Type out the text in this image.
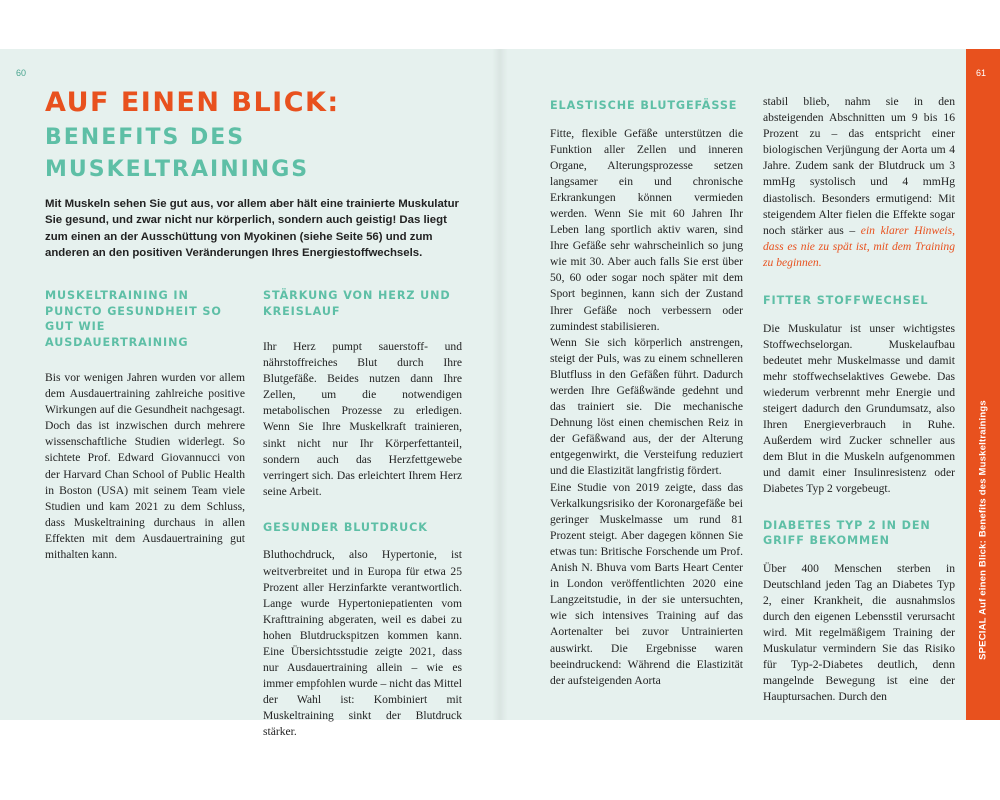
60	61
SPECIAL Auf einen Blick: Benefits des Muskeltrainings
AUF EINEN BLICK:
BENEFITS DES MUSKELTRAININGS

Mit Muskeln sehen Sie gut aus, vor allem aber hält eine trainierte Muskulatur Sie gesund, und zwar nicht nur körperlich, sondern auch geistig! Das liegt zum einen an der Ausschüttung von Myokinen (siehe Seite 56) und zum anderen an den positiven Veränderungen Ihres Energiestoffwechsels.

MUSKELTRAINING IN PUNCTO GESUNDHEIT SO GUT WIE AUSDAUERTRAINING

Bis vor wenigen Jahren wurden vor allem dem Ausdauertraining zahlreiche positive Wirkungen auf die Gesundheit nachgesagt. Doch das ist inzwischen durch mehrere wissenschaftliche Studien widerlegt. So sichtete Prof. Edward Giovannucci von der Harvard Chan School of Public Health in Boston (USA) mit seinem Team viele Studien und kam 2021 zu dem Schluss, dass Muskeltraining durchaus in allen Effekten mit dem Ausdauertraining gut mithalten kann.

STÄRKUNG VON HERZ UND KREISLAUF

Ihr Herz pumpt sauerstoff- und nährstoffreiches Blut durch Ihre Blutgefäße. Beides nutzen dann Ihre Zellen, um die notwendigen metabolischen Prozesse zu erledigen. Wenn Sie Ihre Muskelkraft trainieren, sinkt nicht nur Ihr Körperfettanteil, sondern auch das Herzfettgewebe verringert sich. Das erleichtert Ihrem Herz seine Arbeit.

GESUNDER BLUTDRUCK

Bluthochdruck, also Hypertonie, ist weitverbreitet und in Europa für etwa 25 Prozent aller Herzinfarkte verantwortlich. Lange wurde Hypertoniepatienten vom Krafttraining abgeraten, weil es dabei zu hohen Blutdruckspitzen kommen kann. Eine Übersichtsstudie zeigte 2021, dass nur Ausdauertraining allein – wie es immer empfohlen wurde – nicht das Mittel der Wahl ist: Kombiniert mit Muskeltraining sinkt der Blutdruck stärker.

ELASTISCHE BLUTGEFÄSSE

Fitte, flexible Gefäße unterstützen die Funktion aller Zellen und inneren Organe, Alterungsprozesse setzen langsamer ein und chronische Erkrankungen können vermieden werden. Wenn Sie mit 60 Jahren Ihr Leben lang sportlich aktiv waren, sind Ihre Gefäße sehr wahrscheinlich so jung wie mit 30. Aber auch falls Sie erst über 50, 60 oder sogar noch später mit dem Sport beginnen, kann sich der Zustand Ihrer Gefäße noch verbessern oder zumindest stabilisieren.

Wenn Sie sich körperlich anstrengen, steigt der Puls, was zu einem schnelleren Blutfluss in den Gefäßen führt. Dadurch werden Ihre Gefäßwände gedehnt und das trainiert sie. Die mechanische Dehnung löst einen chemischen Reiz in der Gefäßwand aus, der der Alterung entgegenwirkt, die Versteifung reduziert und die Elastizität langfristig fördert.

Eine Studie von 2019 zeigte, dass das Verkalkungsrisiko der Koronargefäße bei geringer Muskelmasse um rund 81 Prozent steigt. Aber dagegen können Sie etwas tun: Britische Forschende um Prof. Anish N. Bhuva vom Barts Heart Center in London veröffentlichten 2020 eine Langzeitstudie, in der sie untersuchten, wie sich intensives Training auf das Aortenalter bei zuvor Untrainierten auswirkt. Die Ergebnisse waren beeindruckend: Während die Elastizität der aufsteigenden Aorta

stabil blieb, nahm sie in den absteigenden Abschnitten um 9 bis 16 Prozent zu – das entspricht einer biologischen Verjüngung der Aorta um 4 Jahre. Zudem sank der Blutdruck um 3 mmHg systolisch und 4 mmHg diastolisch. Besonders ermutigend: Mit steigendem Alter fielen die Effekte sogar noch stärker aus – ein klarer Hinweis, dass es nie zu spät ist, mit dem Training zu beginnen.

FITTER STOFFWECHSEL

Die Muskulatur ist unser wichtigstes Stoffwechselorgan. Muskelaufbau bedeutet mehr Muskelmasse und damit mehr stoffwechselaktives Gewebe. Das wiederum verbrennt mehr Energie und steigert dadurch den Grundumsatz, also Ihren Energieverbrauch in Ruhe. Außerdem wird Zucker schneller aus dem Blut in die Muskeln aufgenommen und damit einer Insulinresistenz oder Diabetes Typ 2 vorgebeugt.

DIABETES TYP 2 IN DEN GRIFF BEKOMMEN

Über 400 Menschen sterben in Deutschland jeden Tag an Diabetes Typ 2, einer Krankheit, die ausnahmslos durch den eigenen Lebensstil verursacht wird. Mit regelmäßigem Training der Muskulatur vermindern Sie das Risiko für Typ-2-Diabetes deutlich, denn mangelnde Bewegung ist eine der Hauptursachen. Durch den
